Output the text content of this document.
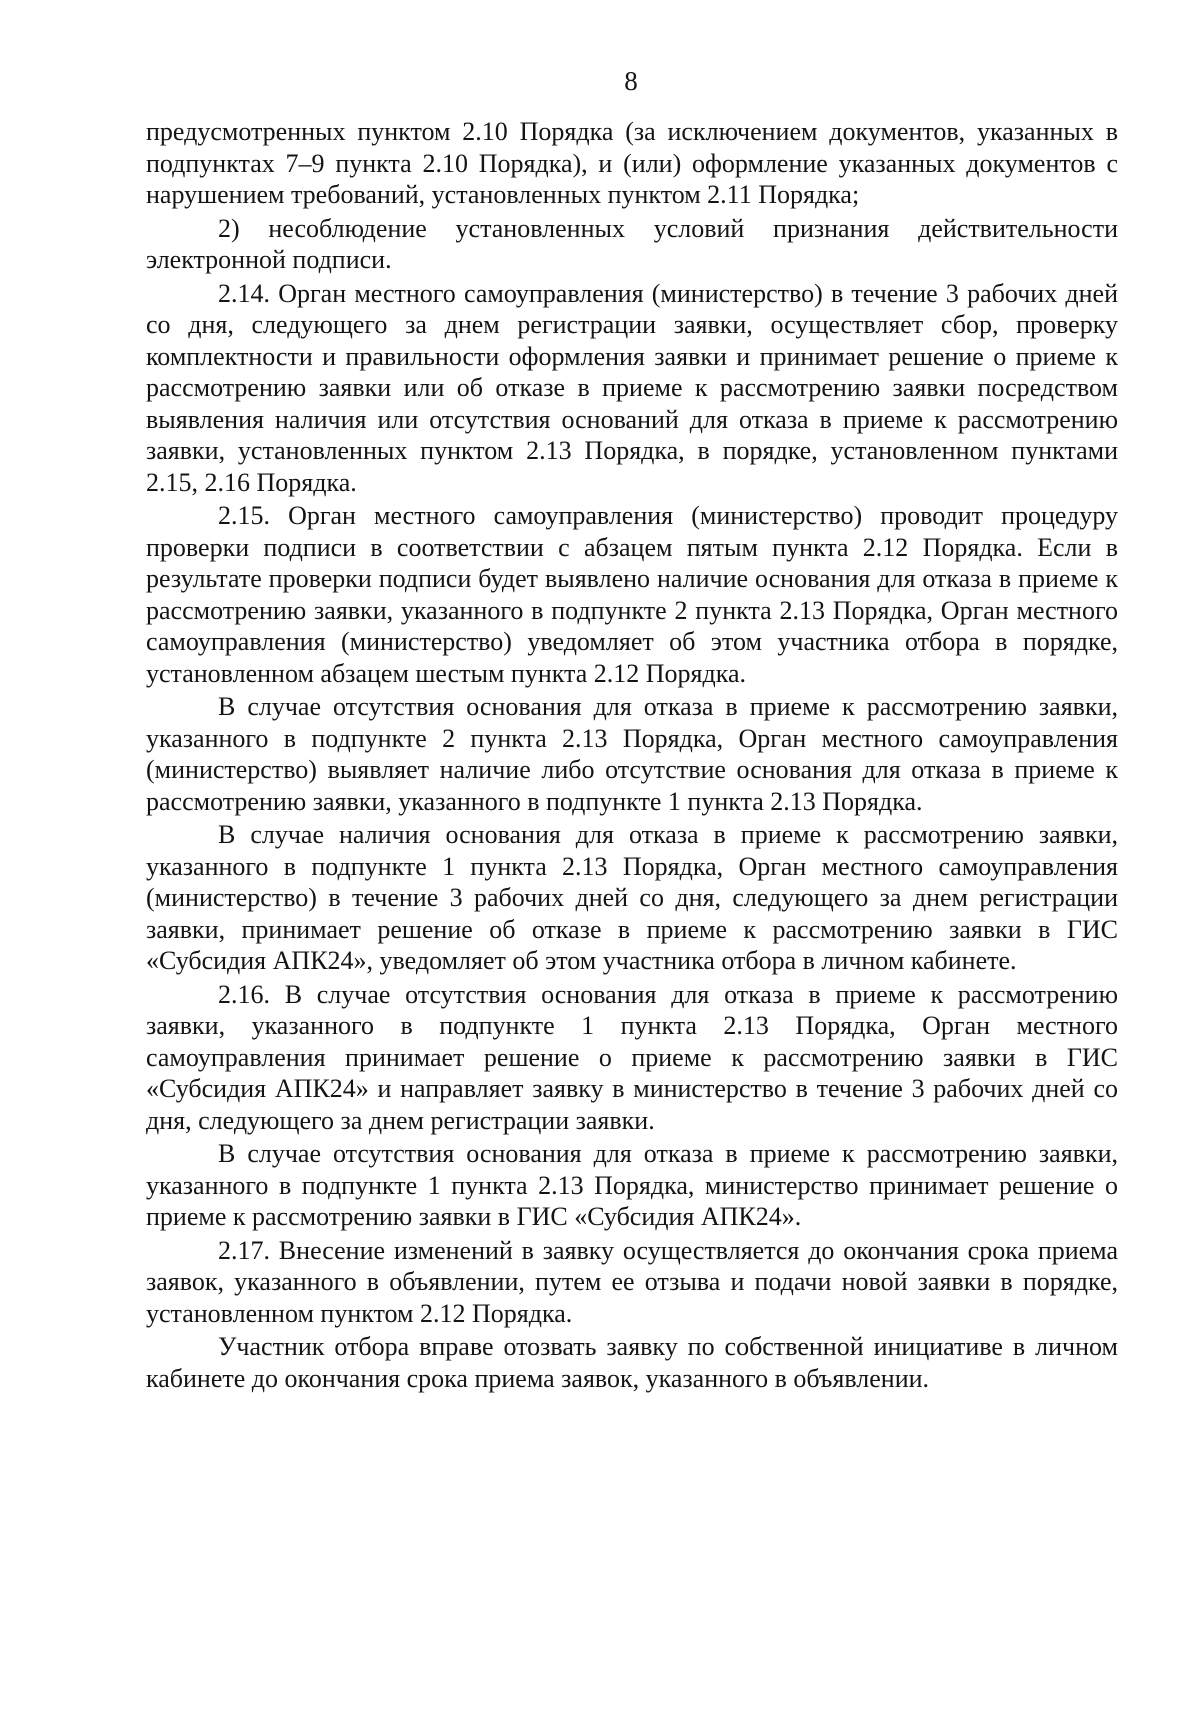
8

предусмотренных пунктом 2.10 Порядка (за исключением документов, указанных в подпунктах 7–9 пункта 2.10 Порядка), и (или) оформление указанных документов с нарушением требований, установленных пунктом 2.11 Порядка;

2) несоблюдение установленных условий признания действительности электронной подписи.

2.14. Орган местного самоуправления (министерство) в течение 3 рабочих дней со дня, следующего за днем регистрации заявки, осуществляет сбор, проверку комплектности и правильности оформления заявки и принимает решение о приеме к рассмотрению заявки или об отказе в приеме к рассмотрению заявки посредством выявления наличия или отсутствия оснований для отказа в приеме к рассмотрению заявки, установленных пунктом 2.13 Порядка, в порядке, установленном пунктами 2.15, 2.16 Порядка.

2.15. Орган местного самоуправления (министерство) проводит процедуру проверки подписи в соответствии с абзацем пятым пункта 2.12 Порядка. Если в результате проверки подписи будет выявлено наличие основания для отказа в приеме к рассмотрению заявки, указанного в подпункте 2 пункта 2.13 Порядка, Орган местного самоуправления (министерство) уведомляет об этом участника отбора в порядке, установленном абзацем шестым пункта 2.12 Порядка.

В случае отсутствия основания для отказа в приеме к рассмотрению заявки, указанного в подпункте 2 пункта 2.13 Порядка, Орган местного самоуправления (министерство) выявляет наличие либо отсутствие основания для отказа в приеме к рассмотрению заявки, указанного в подпункте 1 пункта 2.13 Порядка.

В случае наличия основания для отказа в приеме к рассмотрению заявки, указанного в подпункте 1 пункта 2.13 Порядка, Орган местного самоуправления (министерство) в течение 3 рабочих дней со дня, следующего за днем регистрации заявки, принимает решение об отказе в приеме к рассмотрению заявки в ГИС «Субсидия АПК24», уведомляет об этом участника отбора в личном кабинете.

2.16. В случае отсутствия основания для отказа в приеме к рассмотрению заявки, указанного в подпункте 1 пункта 2.13 Порядка, Орган местного самоуправления принимает решение о приеме к рассмотрению заявки в ГИС «Субсидия АПК24» и направляет заявку в министерство в течение 3 рабочих дней со дня, следующего за днем регистрации заявки.

В случае отсутствия основания для отказа в приеме к рассмотрению заявки, указанного в подпункте 1 пункта 2.13 Порядка, министерство принимает решение о приеме к рассмотрению заявки в ГИС «Субсидия АПК24».

2.17. Внесение изменений в заявку осуществляется до окончания срока приема заявок, указанного в объявлении, путем ее отзыва и подачи новой заявки в порядке, установленном пунктом 2.12 Порядка.

Участник отбора вправе отозвать заявку по собственной инициативе в личном кабинете до окончания срока приема заявок, указанного в объявлении.
